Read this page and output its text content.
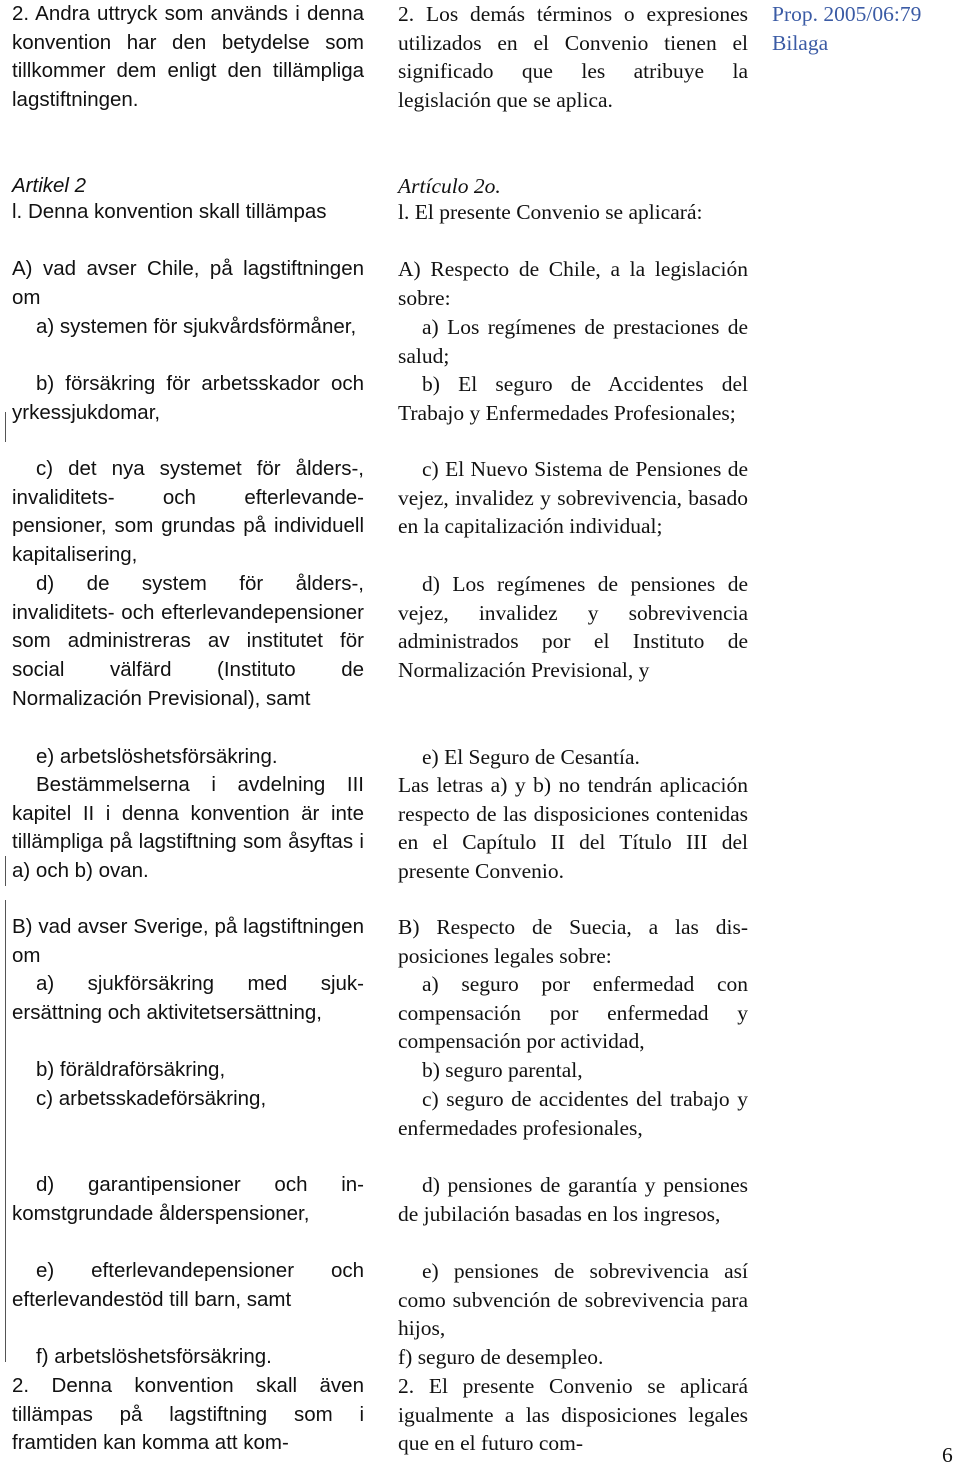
2. Andra uttryck som används i denna konvention har den betydelse som tillkommer dem enligt den tillämpliga lagstiftningen.

Artikel 2

l. Denna konvention skall tillämpas

A) vad avser Chile, på lagstiftningen om

a) systemen för sjukvårdsförmåner,

b) försäkring för arbetsskador och yrkessjukdomar,

c) det nya systemet för ålders-, invaliditets- och efterlevandepensioner, som grundas på individuell kapitalisering,

d) de system för ålders-, invaliditets- och efterlevandepensioner som administreras av institutet för social välfärd (Instituto de Normalización Previsional), samt

e) arbetslöshetsförsäkring.

Bestämmelserna i avdelning III kapitel II i denna konvention är inte tillämpliga på lagstiftning som åsyftas i a) och b) ovan.

B) vad avser Sverige, på lagstiftningen om

a) sjukförsäkring med sjukersättning och aktivitetsersättning,

b) föräldraförsäkring,

c) arbetsskadeförsäkring,

d) garantipensioner och inkomstgrundade ålderspensioner,

e) efterlevandepensioner och efterlevandestöd till barn, samt

f) arbetslöshetsförsäkring.

2. Denna konvention skall även tillämpas på lagstiftning som i framtiden kan komma att kom-

2. Los demás términos o expresiones utilizados en el Convenio tienen el significado que les atribuye la legislación que se aplica.

Artículo 2o.

l. El presente Convenio se aplicará:

A) Respecto de Chile, a la legislación sobre:

a) Los regímenes de prestaciones de salud;

b) El seguro de Accidentes del Trabajo y Enfermedades Profesionales;

c) El Nuevo Sistema de Pensiones de vejez, invalidez y sobrevivencia, basado en la capitalización individual;

d) Los regímenes de pensiones de vejez, invalidez y sobrevivencia administrados por el Instituto de Normalización Previsional, y

e) El Seguro de Cesantía.

Las letras a) y b) no tendrán aplicación respecto de las disposiciones contenidas en el Capítulo II del Título III del presente Convenio.

B) Respecto de Suecia, a las disposiciones legales sobre:

a) seguro por enfermedad con compensación por enfermedad y compensación por actividad,

b) seguro parental,

c) seguro de accidentes del trabajo y enfermedades profesionales,

d) pensiones de garantía y pensiones de jubilación basadas en los ingresos,

e) pensiones de sobrevivencia así como subvención de sobrevivencia para hijos,

f) seguro de desempleo.

2. El presente Convenio se aplicará igualmente a las disposiciones legales que en el futuro com-

Prop. 2005/06:79
Bilaga
6
